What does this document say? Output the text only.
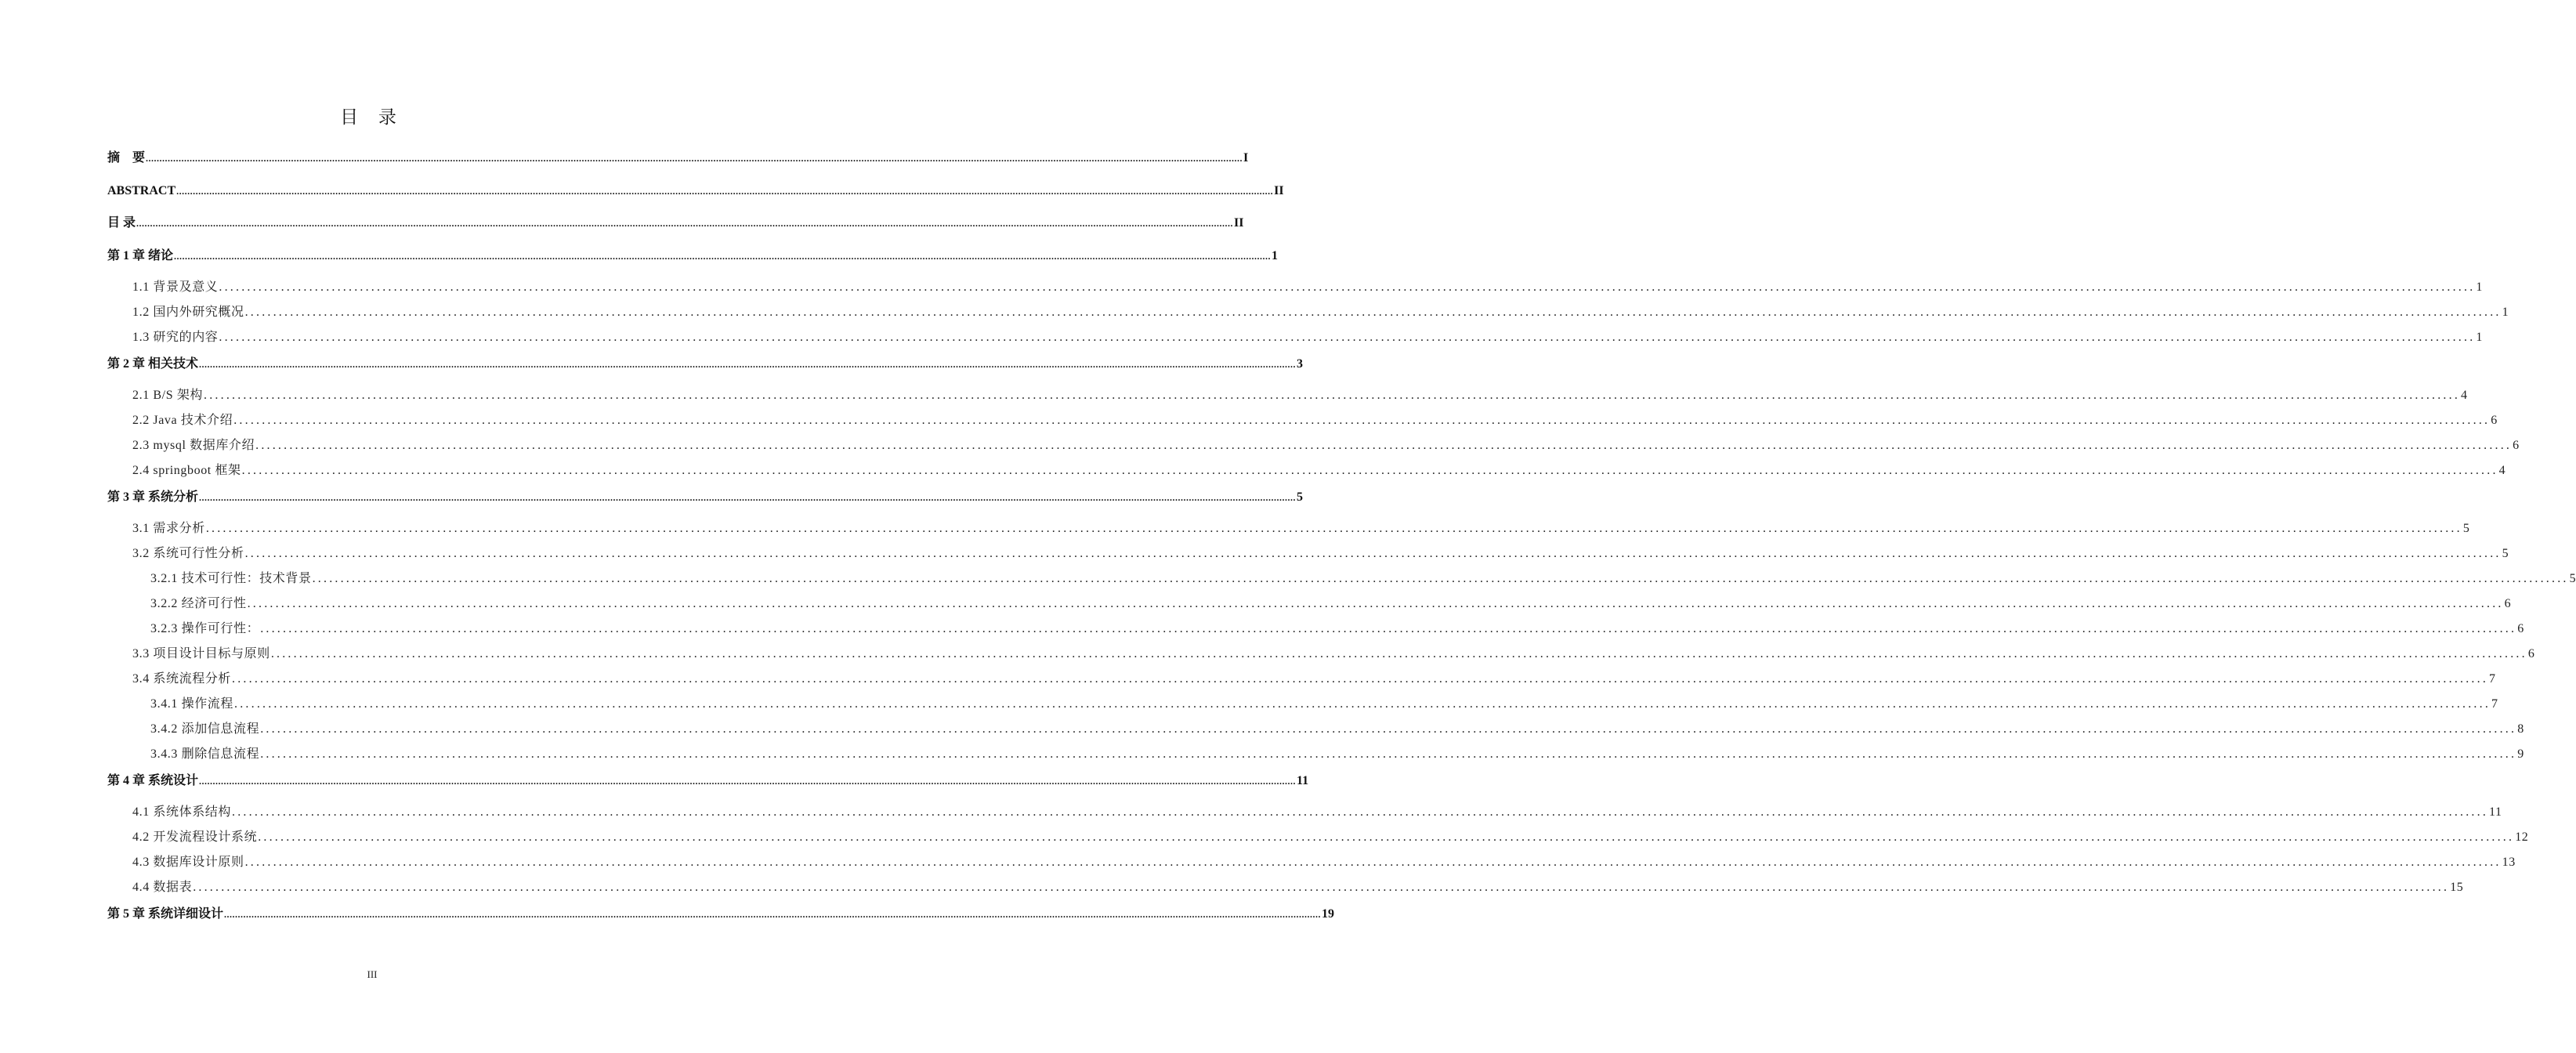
目 录
摘　要 ................................................................................................................................................................................................................................................................................................................................................................................................................ I
ABSTRACT ................................................................................................................................................................................................................................................................................................................................................................................................................ II
目 录 ................................................................................................................................................................................................................................................................................................................................................................................................................ II
第 1 章 绪论 ................................................................................................................................................................................................................................................................................................................................................................................................................ 1
1.1 背景及意义 ................................................................................................................................................................................................................................................................................................................................................................................................................ 1
1.2 国内外研究概况 ................................................................................................................................................................................................................................................................................................................................................................................................................ 1
1.3 研究的内容 ................................................................................................................................................................................................................................................................................................................................................................................................................ 1
第 2 章 相关技术 ................................................................................................................................................................................................................................................................................................................................................................................................................ 3
2.1 B/S 架构 ................................................................................................................................................................................................................................................................................................................................................................................................................ 4
2.2 Java 技术介绍 ................................................................................................................................................................................................................................................................................................................................................................................................................ 6
2.3 mysql 数据库介绍 ................................................................................................................................................................................................................................................................................................................................................................................................................ 6
2.4 springboot 框架 ................................................................................................................................................................................................................................................................................................................................................................................................................ 4
第 3 章 系统分析 ................................................................................................................................................................................................................................................................................................................................................................................................................ 5
3.1 需求分析 ................................................................................................................................................................................................................................................................................................................................................................................................................ 5
3.2 系统可行性分析 ................................................................................................................................................................................................................................................................................................................................................................................................................ 5
3.2.1 技术可行性：技术背景 ................................................................................................................................................................................................................................................................................................................................................................................................................ 5
3.2.2 经济可行性 ................................................................................................................................................................................................................................................................................................................................................................................................................ 6
3.2.3 操作可行性： ................................................................................................................................................................................................................................................................................................................................................................................................................ 6
3.3 项目设计目标与原则 ................................................................................................................................................................................................................................................................................................................................................................................................................ 6
3.4 系统流程分析 ................................................................................................................................................................................................................................................................................................................................................................................................................ 7
3.4.1 操作流程 ................................................................................................................................................................................................................................................................................................................................................................................................................ 7
3.4.2 添加信息流程 ................................................................................................................................................................................................................................................................................................................................................................................................................ 8
3.4.3 删除信息流程 ................................................................................................................................................................................................................................................................................................................................................................................................................ 9
第 4 章 系统设计 ................................................................................................................................................................................................................................................................................................................................................................................................................ 11
4.1 系统体系结构 ................................................................................................................................................................................................................................................................................................................................................................................................................ 11
4.2 开发流程设计系统 ................................................................................................................................................................................................................................................................................................................................................................................................................ 12
4.3 数据库设计原则 ................................................................................................................................................................................................................................................................................................................................................................................................................ 13
4.4 数据表 ................................................................................................................................................................................................................................................................................................................................................................................................................ 15
第 5 章 系统详细设计 ................................................................................................................................................................................................................................................................................................................................................................................................................ 19
III
